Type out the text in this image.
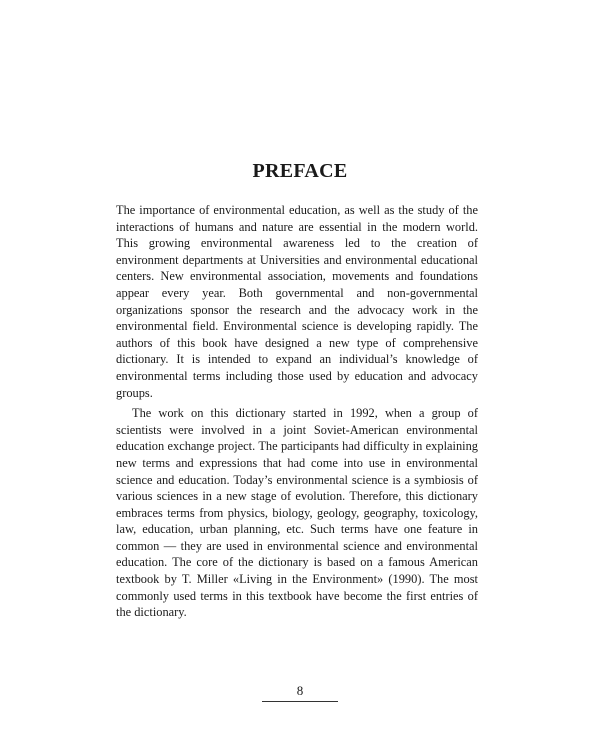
PREFACE

The importance of environmental education, as well as the study of the interactions of humans and nature are essential in the modern world. This growing environmental awareness led to the creation of environment departments at Universities and environmental educational centers. New environmental association, movements and foundations appear every year. Both governmental and non-governmental organizations sponsor the research and the advocacy work in the environmental field. Environmental science is developing rapidly. The authors of this book have designed a new type of comprehensive dictionary. It is intended to expand an individual’s knowledge of environmental terms including those used by education and advocacy groups.

The work on this dictionary started in 1992, when a group of scientists were involved in a joint Soviet-American environmental education exchange project. The participants had difficulty in explaining new terms and expressions that had come into use in environmental science and education. Today’s environmental science is a symbiosis of various sciences in a new stage of evolution. Therefore, this dictionary embraces terms from physics, biology, geology, geography, toxicology, law, education, urban planning, etc. Such terms have one feature in common — they are used in environmental science and environmental education. The core of the dictionary is based on a famous American textbook by T. Miller «Living in the Environment» (1990). The most commonly used terms in this textbook have become the first entries of the dictionary.

8
